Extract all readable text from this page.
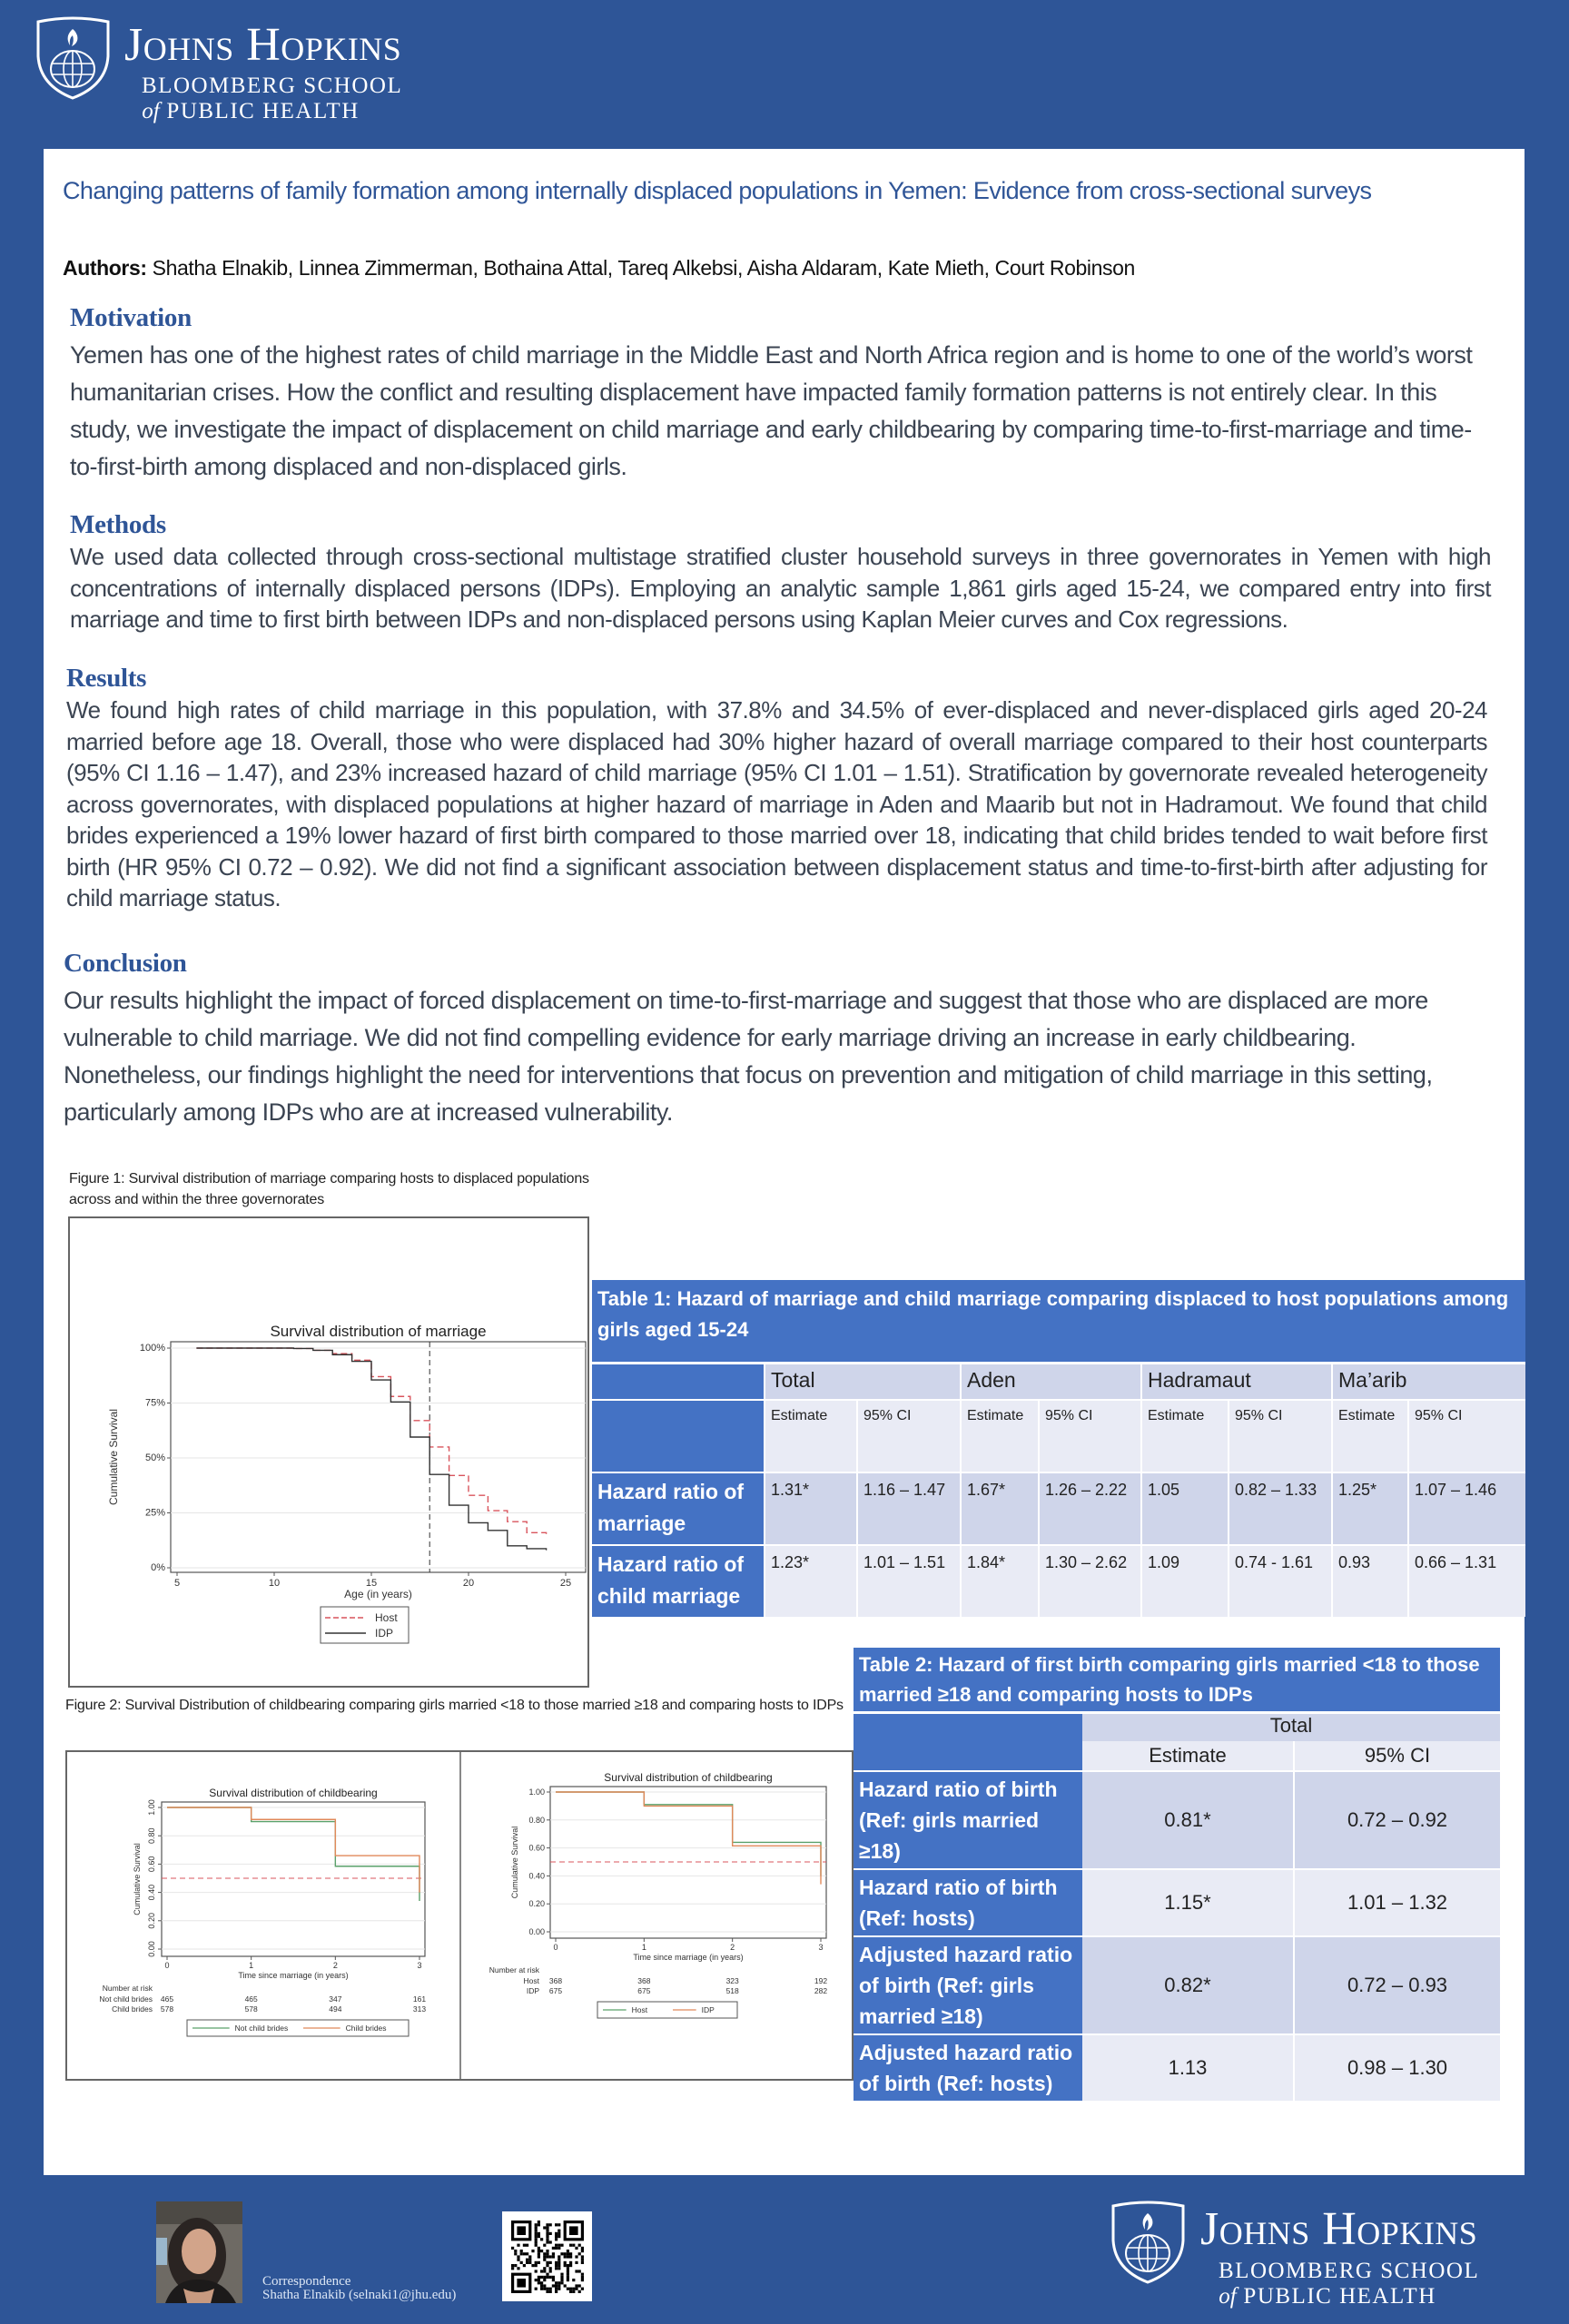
Johns Hopkins
BLOOMBERG SCHOOL
of PUBLIC HEALTH
Changing patterns of family formation among internally displaced populations in Yemen: Evidence from cross-sectional surveys
Authors: Shatha Elnakib, Linnea Zimmerman, Bothaina Attal, Tareq Alkebsi, Aisha Aldaram, Kate Mieth, Court Robinson
Motivation
Yemen has one of the highest rates of child marriage in the Middle East and North Africa region and is home to one of the world’s worst humanitarian crises. How the conflict and resulting displacement have impacted family formation patterns is not entirely clear. In this study, we investigate the impact of displacement on child marriage and early childbearing by comparing time-to-first-marriage and time-to-first-birth among displaced and non-displaced girls.
Methods
We used data collected through cross-sectional multistage stratified cluster household surveys in three governorates in Yemen with high concentrations of internally displaced persons (IDPs). Employing an analytic sample 1,861 girls aged 15-24, we compared entry into first marriage and time to first birth between IDPs and non-displaced persons using Kaplan Meier curves and Cox regressions.
Results
We found high rates of child marriage in this population, with 37.8% and 34.5% of ever-displaced and never-displaced girls aged 20-24 married before age 18. Overall, those who were displaced had 30% higher hazard of overall marriage compared to their host counterparts (95% CI 1.16 – 1.47), and 23% increased hazard of child marriage (95% CI 1.01 – 1.51). Stratification by governorate revealed heterogeneity across governorates, with displaced populations at higher hazard of marriage in Aden and Maarib but not in Hadramout. We found that child brides experienced a 19% lower hazard of first birth compared to those married over 18, indicating that child brides tended to wait before first birth (HR 95% CI 0.72 – 0.92). We did not find a significant association between displacement status and time-to-first-birth after adjusting for child marriage status.
Conclusion
Our results highlight the impact of forced displacement on time-to-first-marriage and suggest that those who are displaced are more vulnerable to child marriage. We did not find compelling evidence for early marriage driving an increase in early childbearing. Nonetheless, our findings highlight the need for interventions that focus on prevention and mitigation of child marriage in this setting, particularly among IDPs who are at increased vulnerability.
Figure 1: Survival distribution of marriage comparing hosts to displaced populations across and within the three governorates
Survival distribution of marriage
0%
25%
50%
75%
100%
5	10	15	20	25
Age (in years)
Cumulative Survival
Host
IDP
Table 1: Hazard of marriage and child marriage comparing displaced to host populations among girls aged 15-24								
	Total		Aden		Hadramaut		Ma’arib	
	Estimate	95% CI	Estimate	95% CI	Estimate	95% CI	Estimate	95% CI
Hazard ratio of marriage	1.31*	1.16 – 1.47	1.67*	1.26 – 2.22	1.05	0.82 – 1.33	1.25*	1.07 – 1.46
Hazard ratio of child marriage	1.23*	1.01 – 1.51	1.84*	1.30 – 2.62	1.09	0.74 - 1.61	0.93	0.66 – 1.31
Figure 2: Survival Distribution of childbearing comparing girls married <18 to those married ≥18 and comparing hosts to IDPs
Survival distribution of childbearing
0.00
0.20
0.40
0.60
0.80
1.00
0	1	2	3
Time since marriage (in years)
Cumulative Survival
Number at risk
Not child brides 465	465	347	161
Child brides 578	578	494	313
Not child brides	Child brides
Survival distribution of childbearing
0.00
0.20
0.40
0.60
0.80
1.00
0	1	2	3
Time since marriage (in years)
Cumulative Survival
Number at risk
Host 368	368	323	192
IDP 675	675	518	282
Host	IDP
Table 2: Hazard of first birth comparing girls married <18 to those married ≥18 and comparing hosts to IDPs		
	Total	
	Estimate	95% CI
Hazard ratio of birth (Ref: girls married ≥18)	0.81*	0.72 – 0.92
Hazard ratio of birth (Ref: hosts)	1.15*	1.01 – 1.32
Adjusted hazard ratio of birth (Ref: girls married ≥18)	0.82*	0.72 – 0.93
Adjusted hazard ratio of birth (Ref: hosts)	1.13	0.98 – 1.30
Correspondence
Shatha Elnakib (selnaki1@jhu.edu)
Johns Hopkins
BLOOMBERG SCHOOL
of PUBLIC HEALTH
